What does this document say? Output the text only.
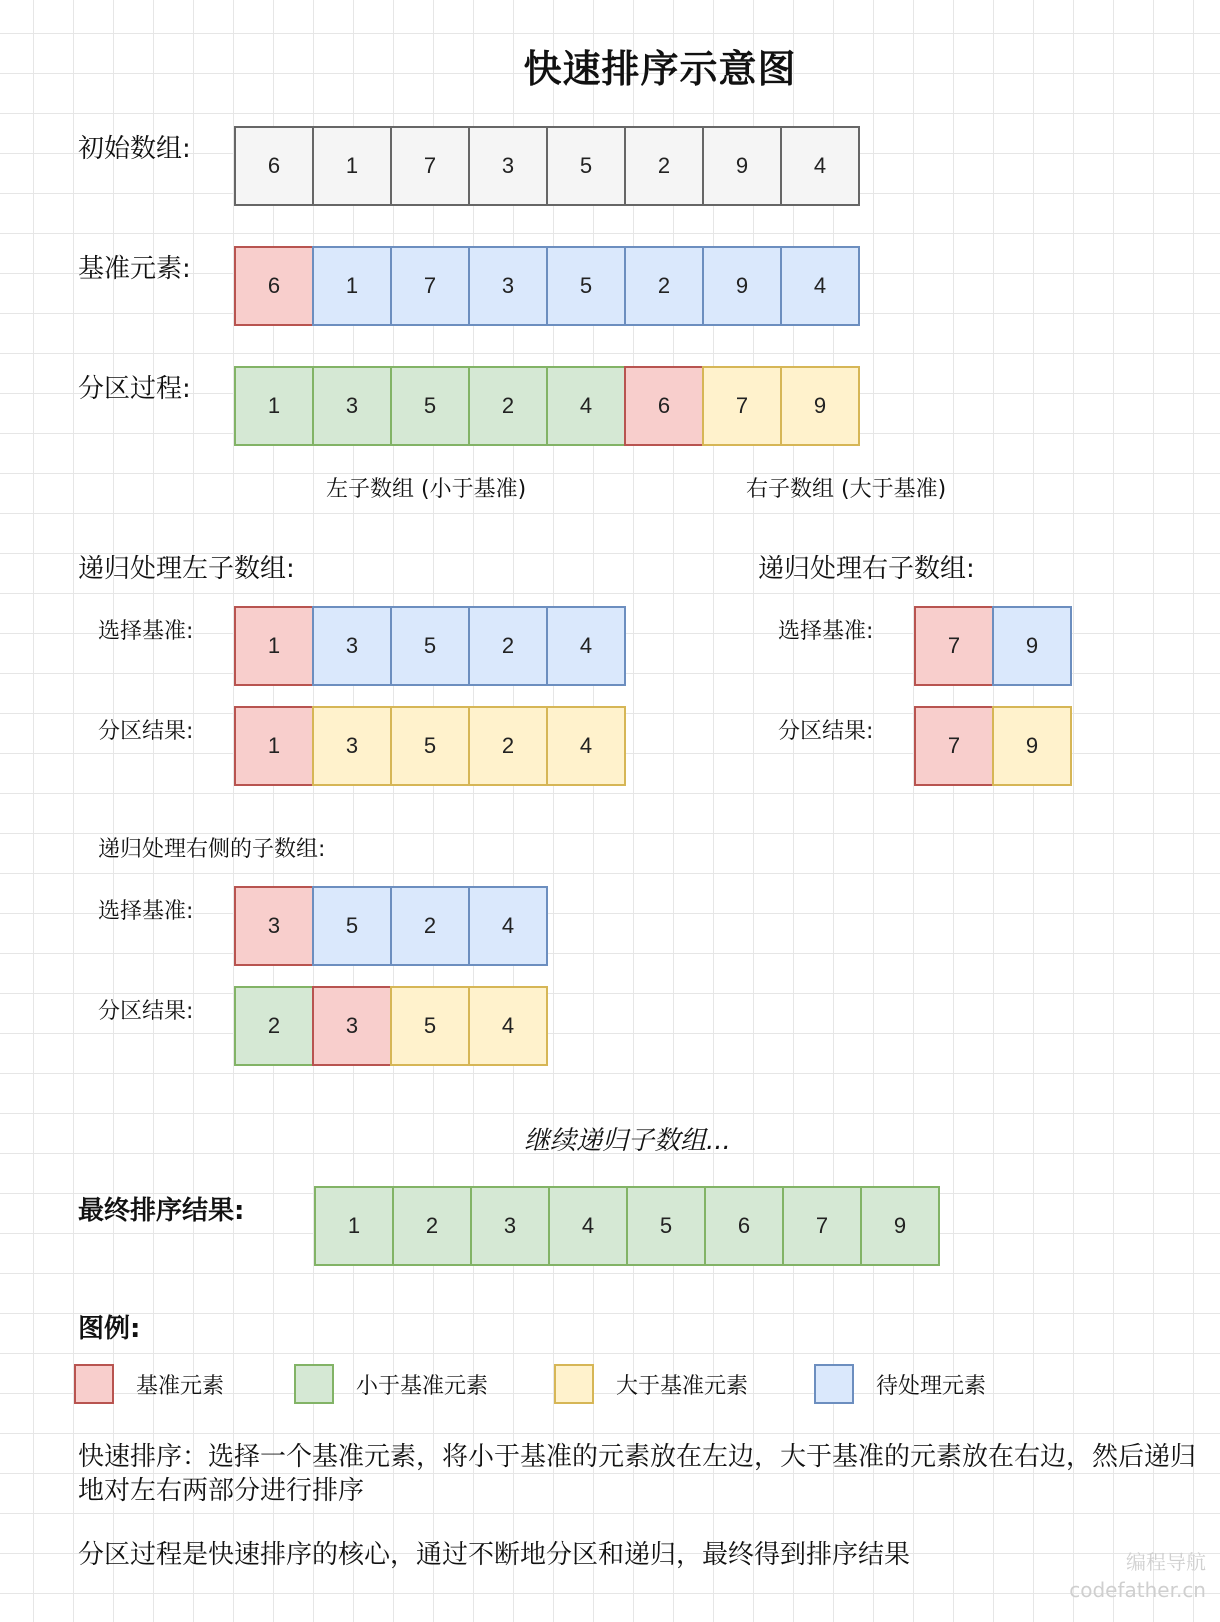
快速排序示意图
初始数组:
6	1	7	3	5	2	9	4
基准元素:
6	1	7	3	5	2	9	4
分区过程:
1	3	5	2	4	6	7	9
左子数组 (小于基准)	右子数组 (大于基准)
递归处理左子数组:
选择基准:
1	3	5	2	4
分区结果:
1	3	5	2	4
递归处理右子数组:
选择基准:
7	9
分区结果:
7	9
递归处理右侧的子数组:
选择基准:
3	5	2	4
分区结果:
2	3	5	4
继续递归子数组...
最终排序结果:	1	2	3	4	5	6	7	9
图例:
基准元素	小于基准元素	大于基准元素	待处理元素
快速排序：选择一个基准元素，将小于基准的元素放在左边，大于基准的元素放在右边，然后递归地对左右两部分进行排序
分区过程是快速排序的核心，通过不断地分区和递归，最终得到排序结果	编程导航
codefather.cn
